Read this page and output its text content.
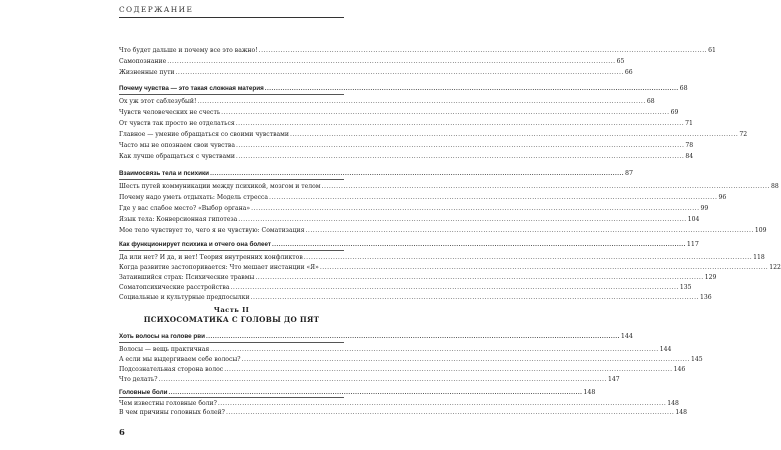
СОДЕРЖАНИЕ
Что будет дальше и почему все это важно! .....	61
Самопознание .....	65
Жизненные пути .....	66
Почему чувства — это такая сложная материя .....	68
Ох уж этот саблезубый! .....	68
Чувств человеческих не счесть .....	69
От чувств так просто не отделаться .....	71
Главное — умение обращаться со своими чувствами .....	72
Часто мы не опознаем свои чувства .....	78
Как лучше обращаться с чувствами .....	84
Взаимосвязь тела и психики .....	87
Шесть путей коммуникации между психикой, мозгом и телом .....	88
Почему надо уметь отдыхать: Модель стресса .....	96
Где у вас слабое место? «Выбор органа» .....	99
Язык тела: Конверсионная гипотеза .....	104
Мое тело чувствует то, чего я не чувствую: Соматизация .....	109
Как функционирует психика и отчего она болеет .....	117
Да или нет? И да, и нет! Теория внутренних конфликтов .....	118
Когда развитие застопоривается: Что мешает инстанции «Я» .....	122
Затаившийся страх: Психические травмы .....	129
Соматопсихические расстройства .....	135
Социальные и культурные предпосылки .....	136
Часть II
ПСИХОСОМАТИКА С ГОЛОВЫ ДО ПЯТ
Хоть волосы на голове рви .....	144
Волосы — вещь практичная .....	144
А если мы выдергиваем себе волосы? .....	145
Подсознательная сторона волос .....	146
Что делать? .....	147
Головные боли .....	148
Чем известны головные боли? .....	148
В чем причины головных болей? .....	148
6
